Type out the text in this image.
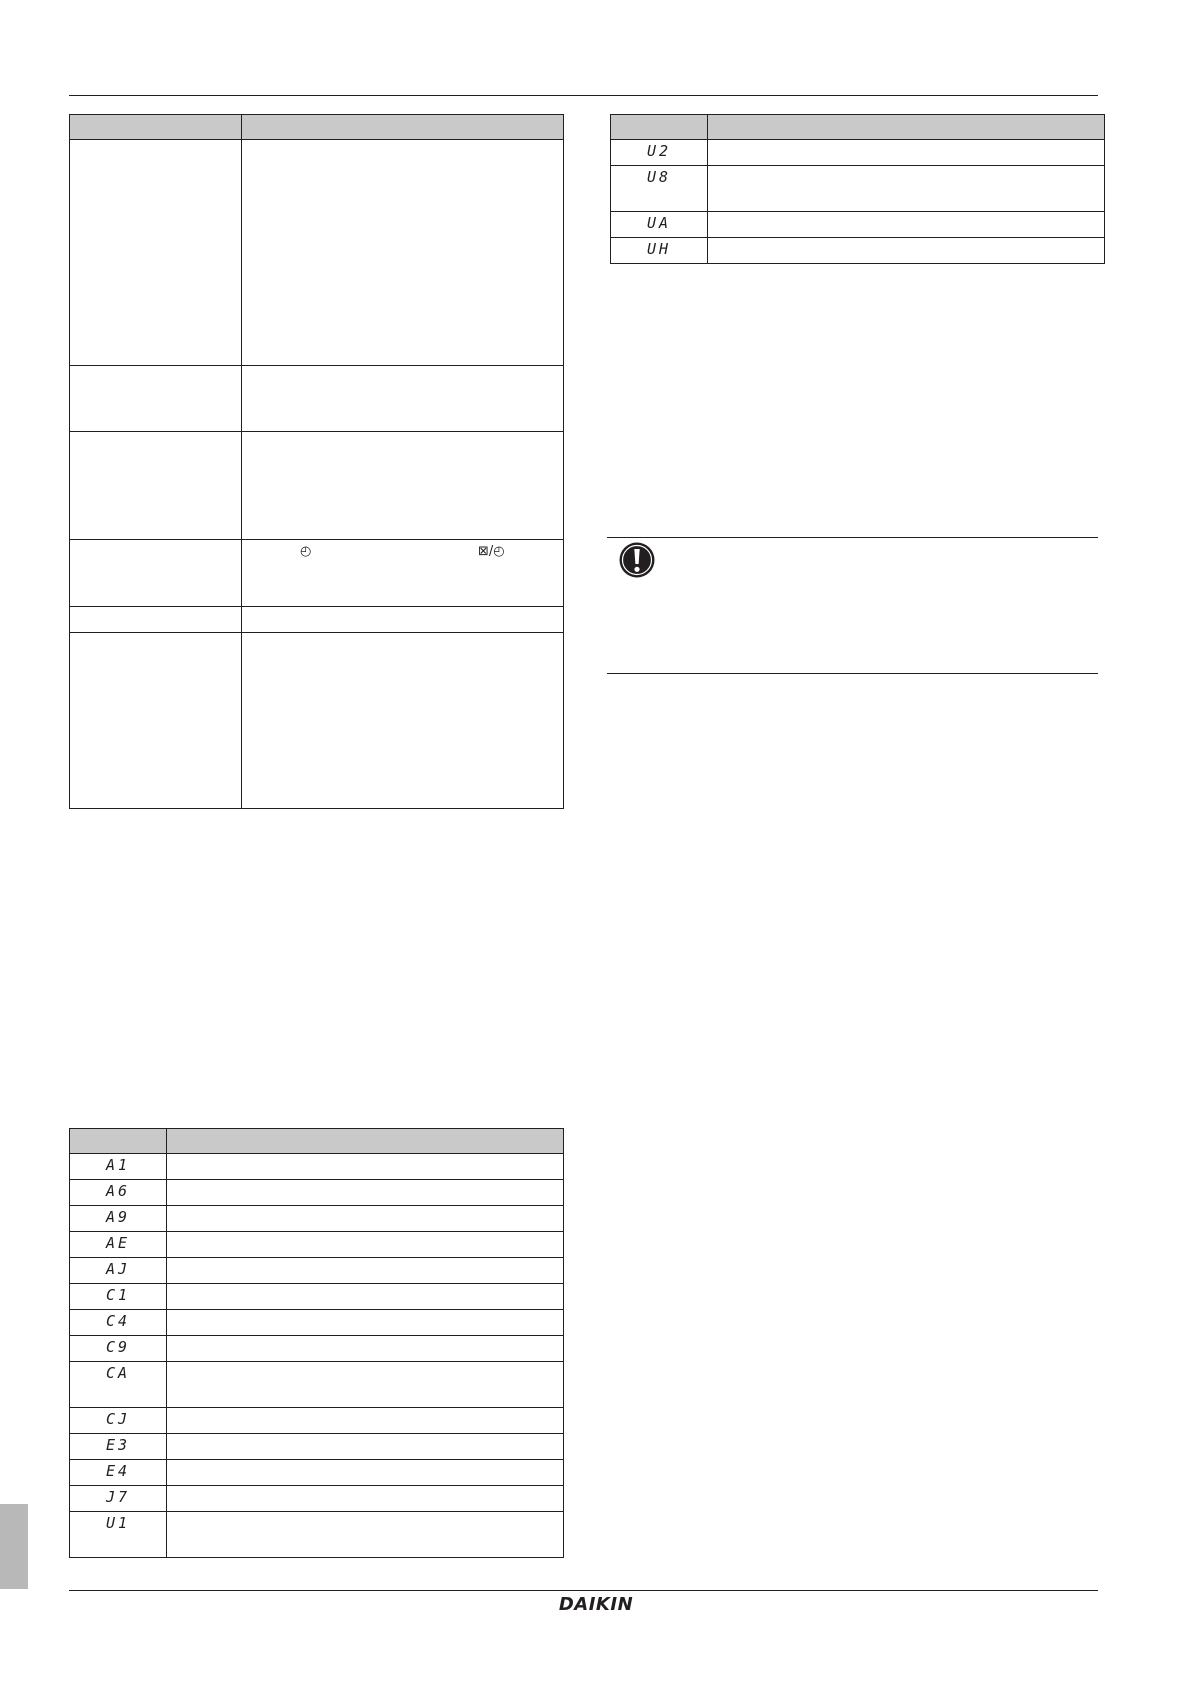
	◴ ⊠/◴

U2	
U8	
UA	
UH	

A1	
A6	
A9	
AE	
AJ	
C1	
C4	
C9	
CA	
CJ	
E3	
E4	
J7	
U1	
DAIKIN
